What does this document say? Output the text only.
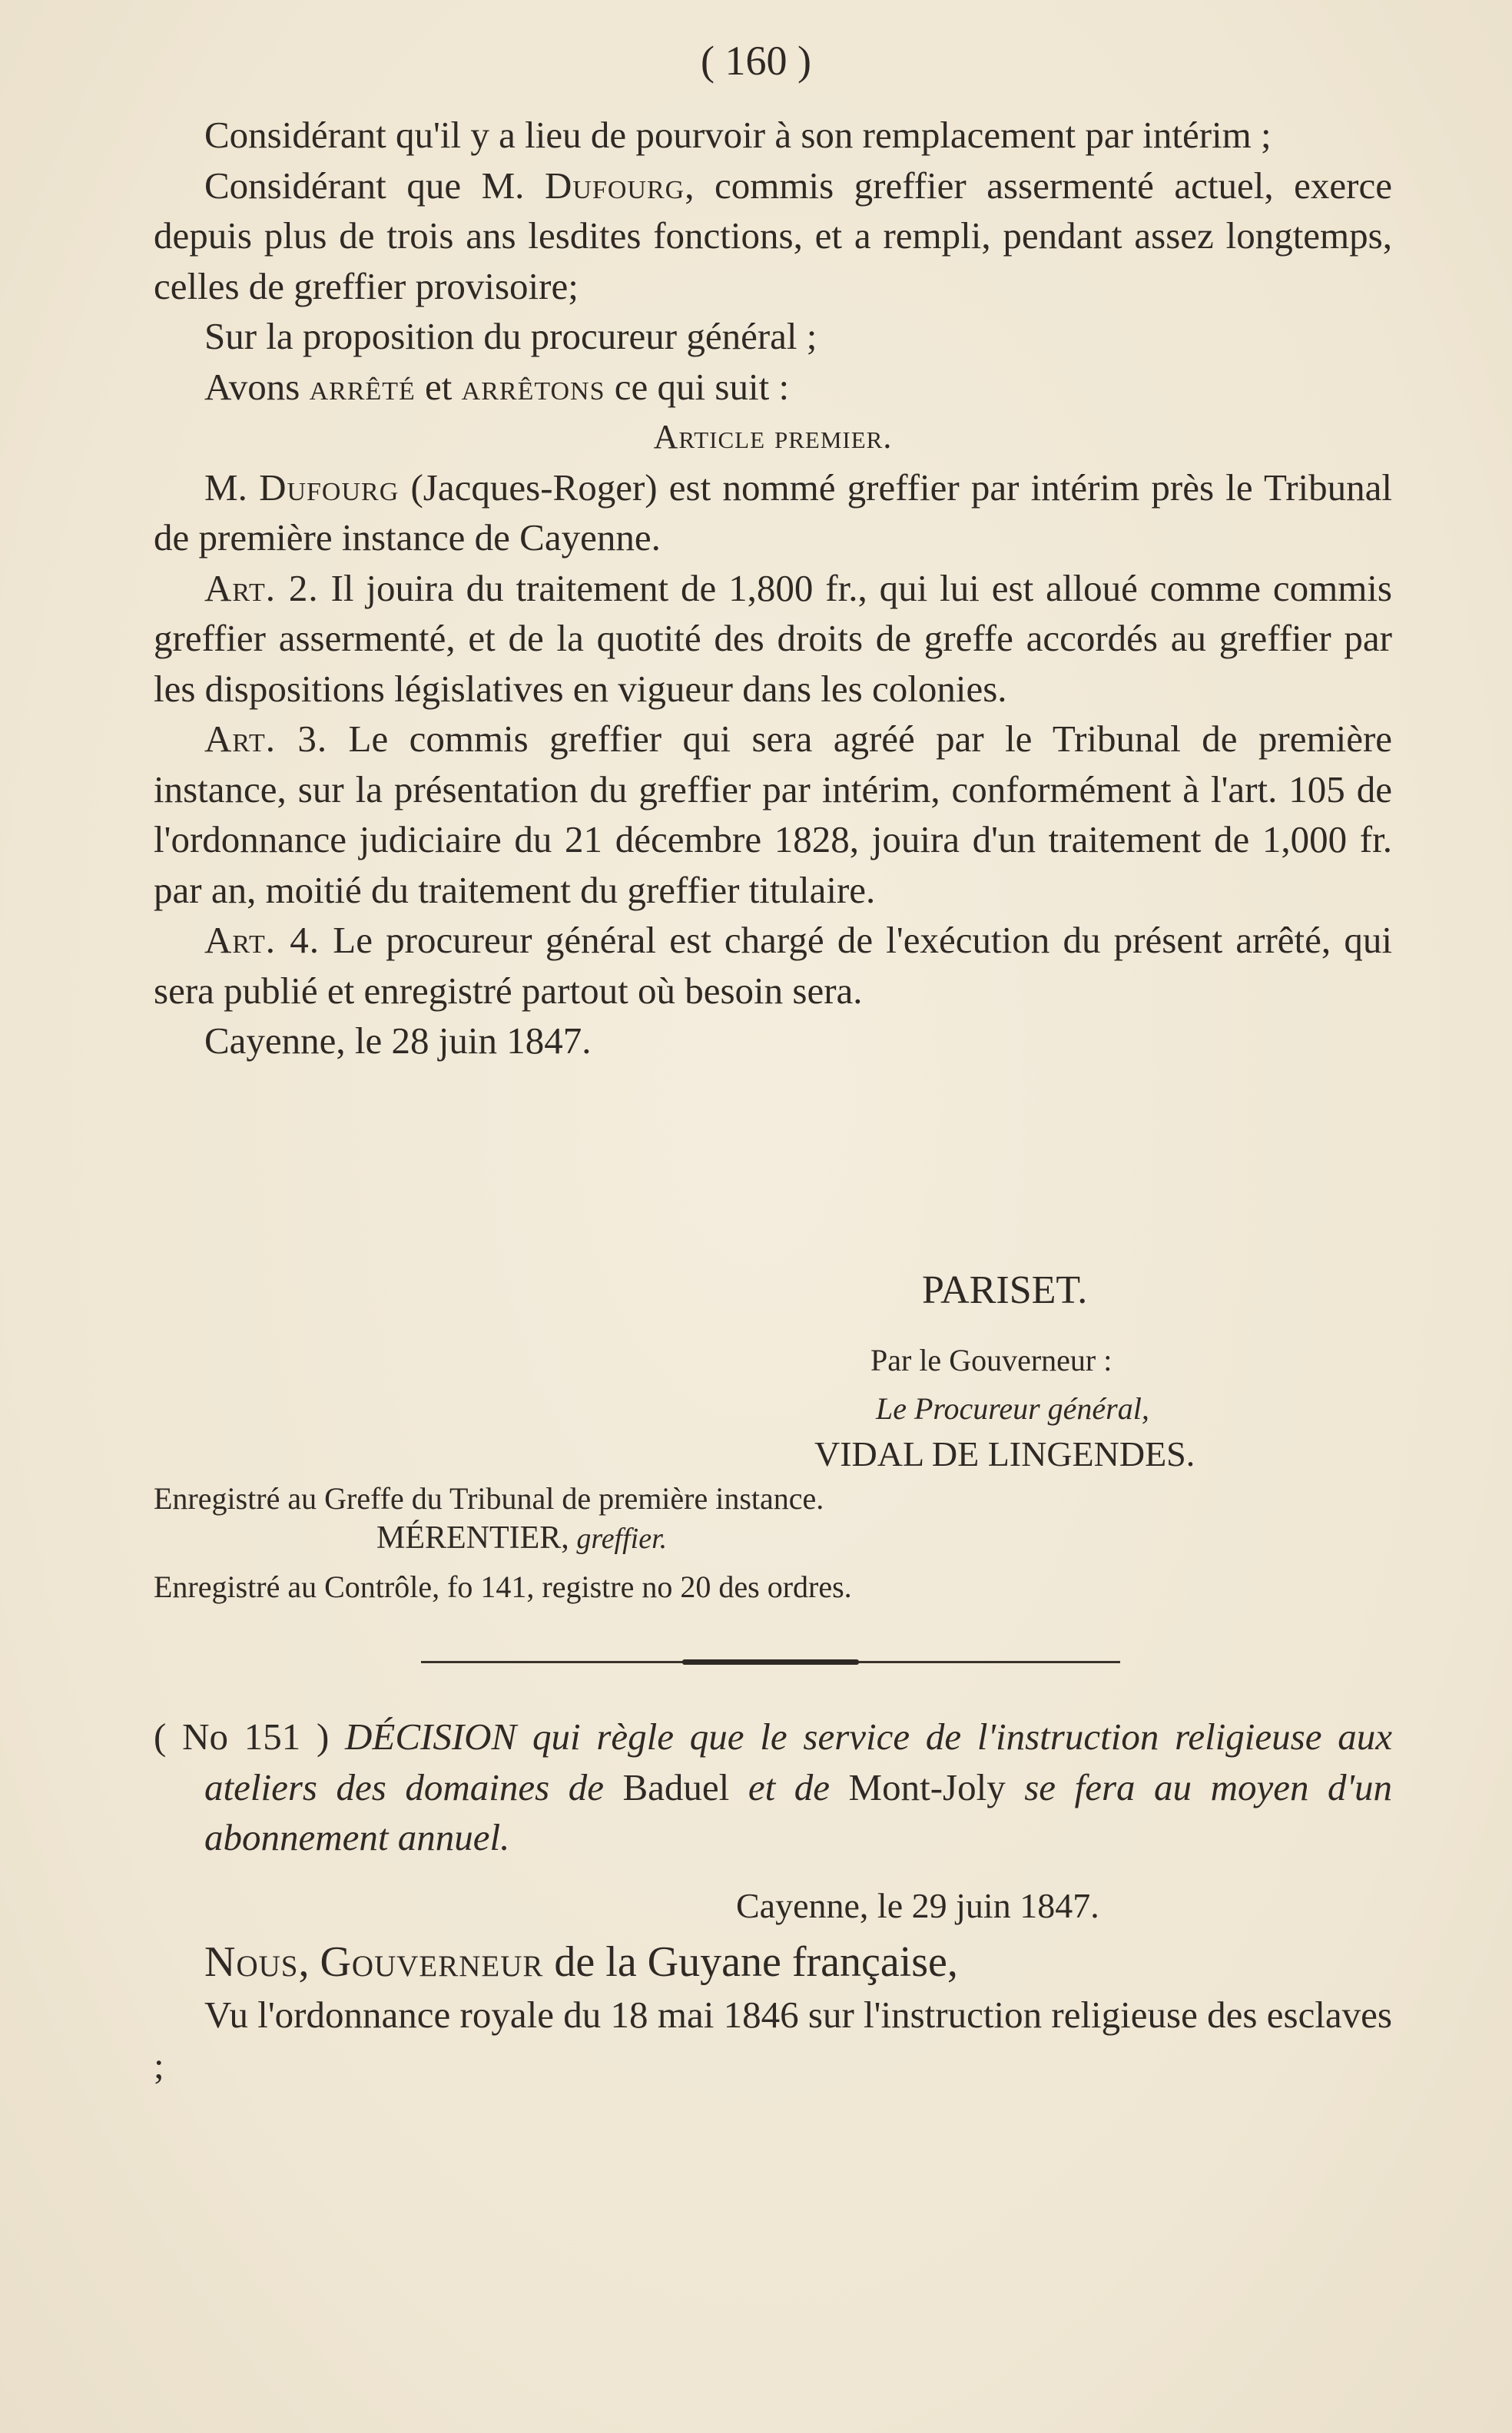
( 160 )

Considérant qu'il y a lieu de pourvoir à son remplacement par intérim ;

Considérant que M. Dufourg, commis greffier assermenté actuel, exerce depuis plus de trois ans lesdites fonctions, et a rempli, pendant assez longtemps, celles de greffier provisoire;

Sur la proposition du procureur général ;

Avons arrêté et arrêtons ce qui suit :

Article premier.

M. Dufourg (Jacques-Roger) est nommé greffier par intérim près le Tribunal de première instance de Cayenne.

Art. 2. Il jouira du traitement de 1,800 fr., qui lui est alloué comme commis greffier assermenté, et de la quotité des droits de greffe accordés au greffier par les dispositions législatives en vigueur dans les colonies.

Art. 3. Le commis greffier qui sera agréé par le Tribunal de première instance, sur la présentation du greffier par intérim, conformément à l'art. 105 de l'ordonnance judiciaire du 21 décembre 1828, jouira d'un traitement de 1,000 fr. par an, moitié du traitement du greffier titulaire.

Art. 4. Le procureur général est chargé de l'exécution du présent arrêté, qui sera publié et enregistré partout où besoin sera.

Cayenne, le 28 juin 1847.

PARISET.
Par le Gouverneur :
Le Procureur général,
VIDAL DE LINGENDES.
Enregistré au Greffe du Tribunal de première instance.
MÉRENTIER, greffier.
Enregistré au Contrôle, fo 141, registre no 20 des ordres.

( No 151 ) DÉCISION qui règle que le service de l'instruction religieuse aux ateliers des domaines de Baduel et de Mont-Joly se fera au moyen d'un abonnement annuel.

Cayenne, le 29 juin 1847.

Nous, Gouverneur de la Guyane française,

Vu l'ordonnance royale du 18 mai 1846 sur l'instruction religieuse des esclaves ;
